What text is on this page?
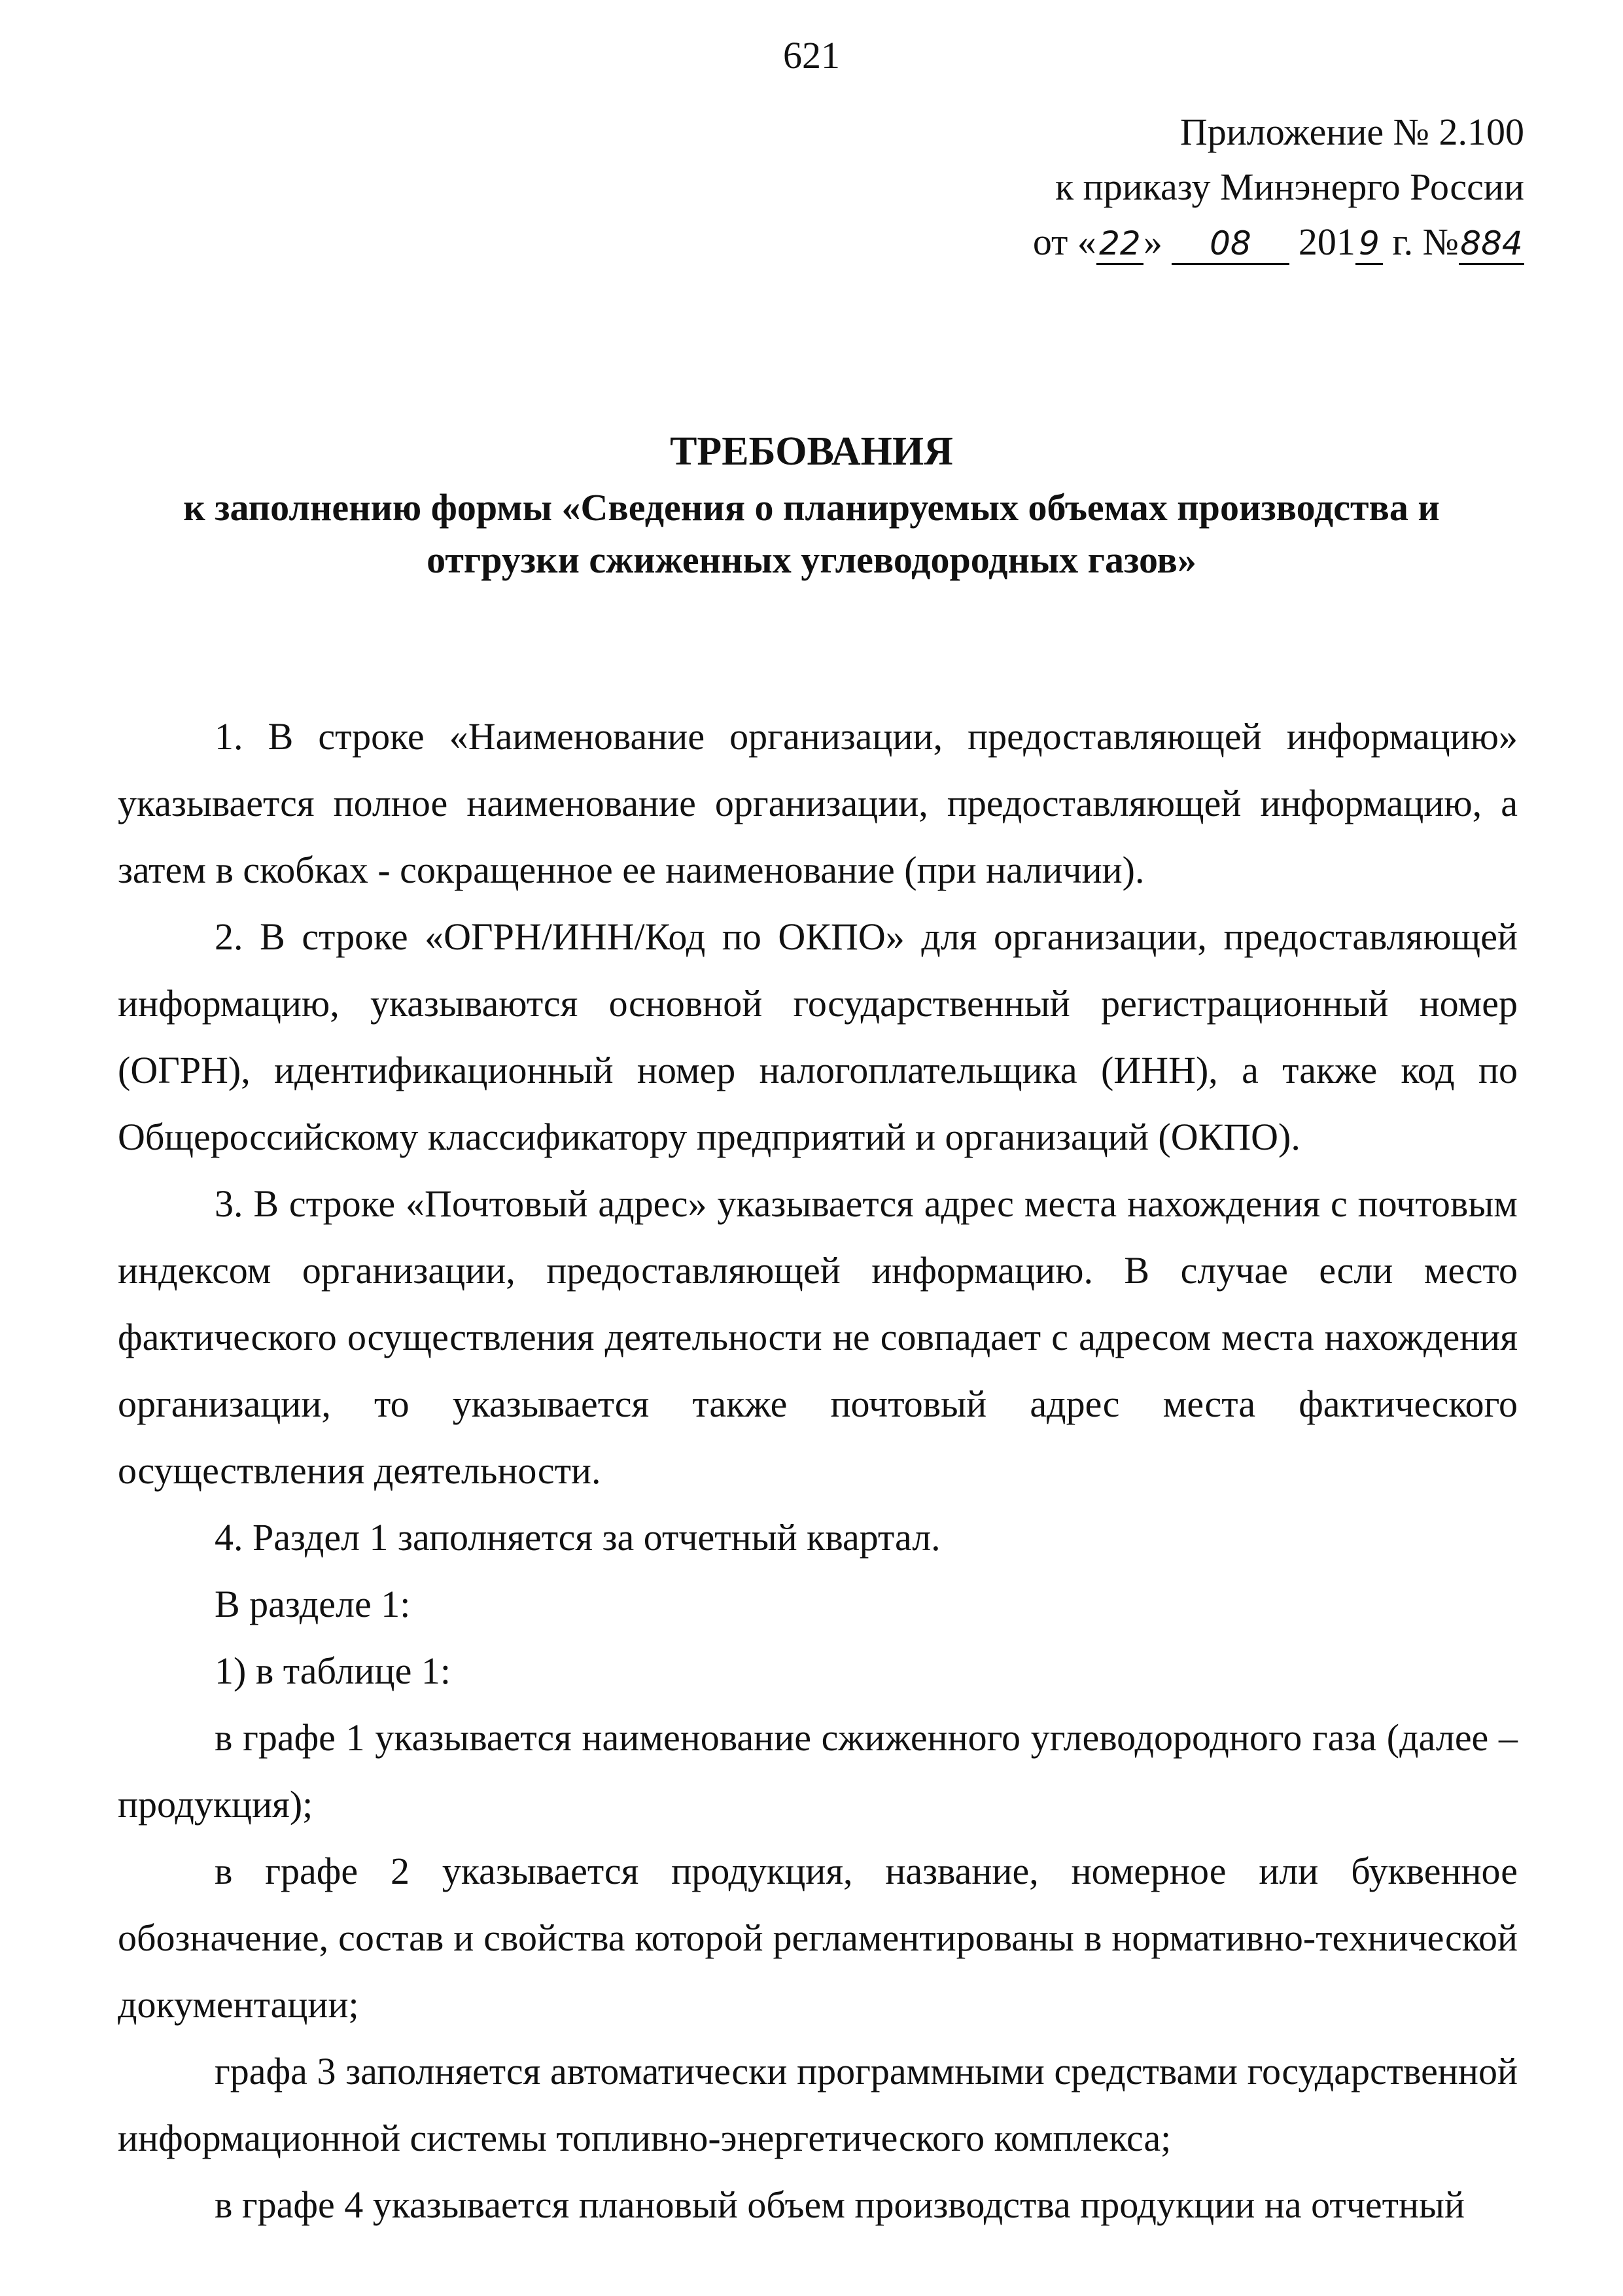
621
Приложение № 2.100
к приказу Минэнерго России
от «22» 08 201 9 г. №884
ТРЕБОВАНИЯ
к заполнению формы «Сведения о планируемых объемах производства и
отгрузки сжиженных углеводородных газов»

1. В строке «Наименование организации, предоставляющей информацию» указывается полное наименование организации, предоставляющей информацию, а затем в скобках - сокращенное ее наименование (при наличии).

2. В строке «ОГРН/ИНН/Код по ОКПО» для организации, предоставляющей информацию, указываются основной государственный регистрационный номер (ОГРН), идентификационный номер налогоплательщика (ИНН), а также код по Общероссийскому классификатору предприятий и организаций (ОКПО).

3. В строке «Почтовый адрес» указывается адрес места нахождения с почтовым индексом организации, предоставляющей информацию. В случае если место фактического осуществления деятельности не совпадает с адресом места нахождения организации, то указывается также почтовый адрес места фактического осуществления деятельности.

4. Раздел 1 заполняется за отчетный квартал.

В разделе 1:

1) в таблице 1:

в графе 1 указывается наименование сжиженного углеводородного газа (далее – продукция);

в графе 2 указывается продукция, название, номерное или буквенное обозначение, состав и свойства которой регламентированы в нормативно-технической документации;

графа 3 заполняется автоматически программными средствами государственной информационной системы топливно-энергетического комплекса;

в графе 4 указывается плановый объем производства продукции на отчетный
